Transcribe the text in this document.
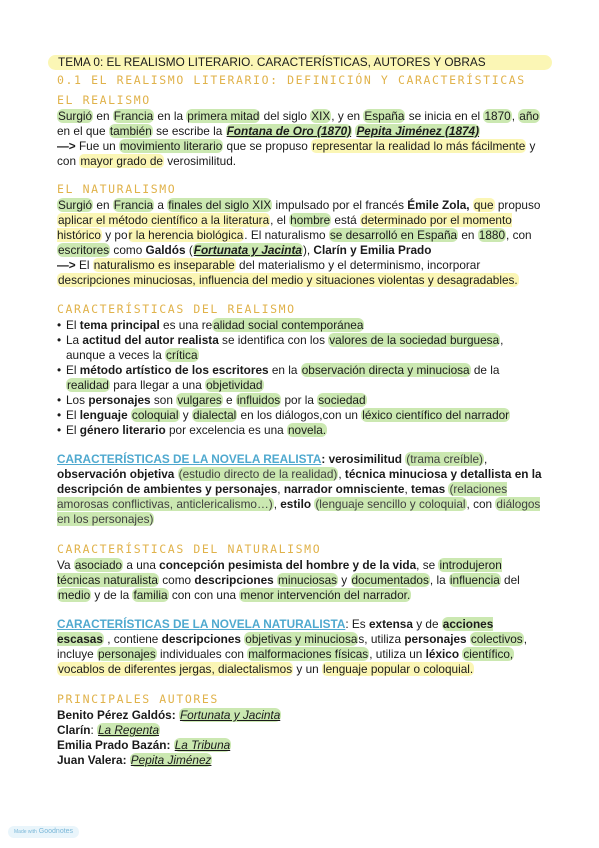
TEMA 0: EL REALISMO LITERARIO. CARACTERÍSTICAS, AUTORES Y OBRAS

0.1 EL REALISMO LITERARIO: DEFINICIÓN Y CARACTERÍSTICAS

EL REALISMO

Surgió en Francia en la primera mitad del siglo XIX, y en España se inicia en el 1870, año en el que también se escribe la Fontana de Oro (1870) Pepita Jiménez (1874)

—> Fue un movimiento literario que se propuso representar la realidad lo más fácilmente y con mayor grado de verosimilitud.

EL NATURALISMO

Surgió en Francia a finales del siglo XIX impulsado por el francés Émile Zola, que propuso aplicar el método científico a la literatura, el hombre está determinado por el momento histórico y por la herencia biológica. El naturalismo se desarrolló en España en 1880, con escritores como Galdós (Fortunata y Jacinta), Clarín y Emilia Prado

—> El naturalismo es inseparable del materialismo y el determinismo, incorporar descripciones minuciosas, influencia del medio y situaciones violentas y desagradables.

CARACTERÍSTICAS DEL REALISMO

• El tema principal es una realidad social contemporánea
• La actitud del autor realista se identifica con los valores de la sociedad burguesa, aunque a veces la crítica
• El método artístico de los escritores en la observación directa y minuciosa de la realidad para llegar a una objetividad
• Los personajes son vulgares e influidos por la sociedad
• El lenguaje coloquial y dialectal en los diálogos,con un léxico científico del narrador
• El género literario por excelencia es una novela.

CARACTERÍSTICAS DE LA NOVELA REALISTA: verosimilitud (trama creíble), observación objetiva (estudio directo de la realidad), técnica minuciosa y detallista en la descripción de ambientes y personajes, narrador omnisciente, temas (relaciones amorosas conflictivas, anticlericalismo…), estilo (lenguaje sencillo y coloquial, con diálogos en los personajes)

CARACTERÍSTICAS DEL NATURALISMO

Va asociado a una concepción pesimista del hombre y de la vida, se introdujeron técnicas naturalista como descripciones minuciosas y documentados, la influencia del medio y de la familia con con una menor intervención del narrador.

CARACTERÍSTICAS DE LA NOVELA NATURALISTA: Es extensa y de acciones escasas , contiene descripciones objetivas y minuciosas, utiliza personajes colectivos, incluye personajes individuales con malformaciones físicas, utiliza un léxico científico, vocablos de diferentes jergas, dialectalismos y un lenguaje popular o coloquial.

PRINCIPALES AUTORES

Benito Pérez Galdós: Fortunata y Jacinta
Clarín: La Regenta
Emilia Prado Bazán: La Tribuna
Juan Valera: Pepita Jiménez
Made with Goodnotes
